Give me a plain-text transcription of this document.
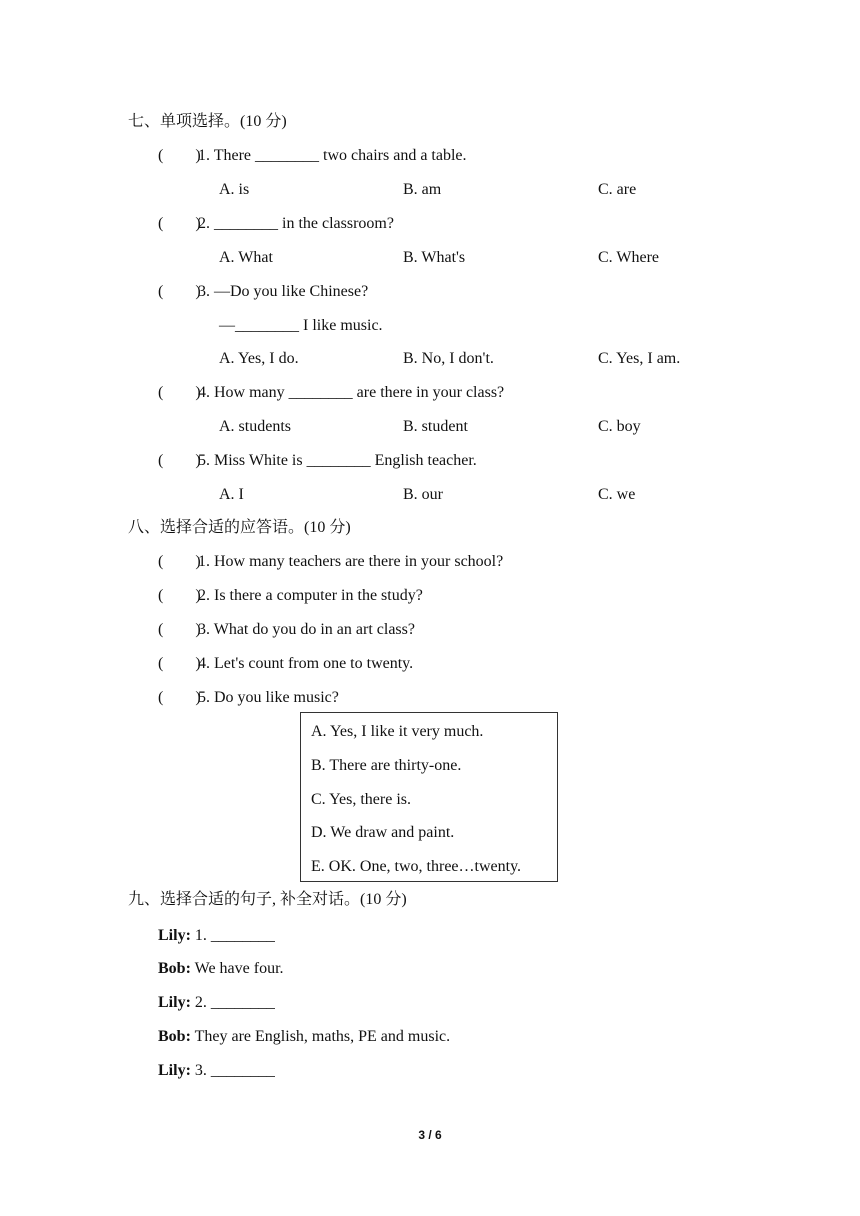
七、单项选择。(10 分)
(        )
1. There ________ two chairs and a table.
A. is	B. am	C. are
(        )
2. ________ in the classroom?
A. What	B. What's	C. Where
(        )
3. —Do you like Chinese?
—________ I like music.
A. Yes, I do.	B. No, I don't.	C. Yes, I am.
(        )
4. How many ________ are there in your class?
A. students	B. student	C. boy
(        )
5. Miss White is ________ English teacher.
A. I	B. our	C. we
八、选择合适的应答语。(10 分)
(        )
1. How many teachers are there in your school?
(        )
2. Is there a computer in the study?
(        )
3. What do you do in an art class?
(        )
4. Let's count from one to twenty.
(        )
5. Do you like music?
A. Yes, I like it very much.
B. There are thirty-one.
C. Yes, there is.
D. We draw and paint.
E. OK. One, two, three…twenty.
九、选择合适的句子, 补全对话。(10 分)
Lily: 1. ________
Bob: We have four.
Lily: 2. ________
Bob: They are English, maths, PE and music.
Lily: 3. ________
3 / 6
